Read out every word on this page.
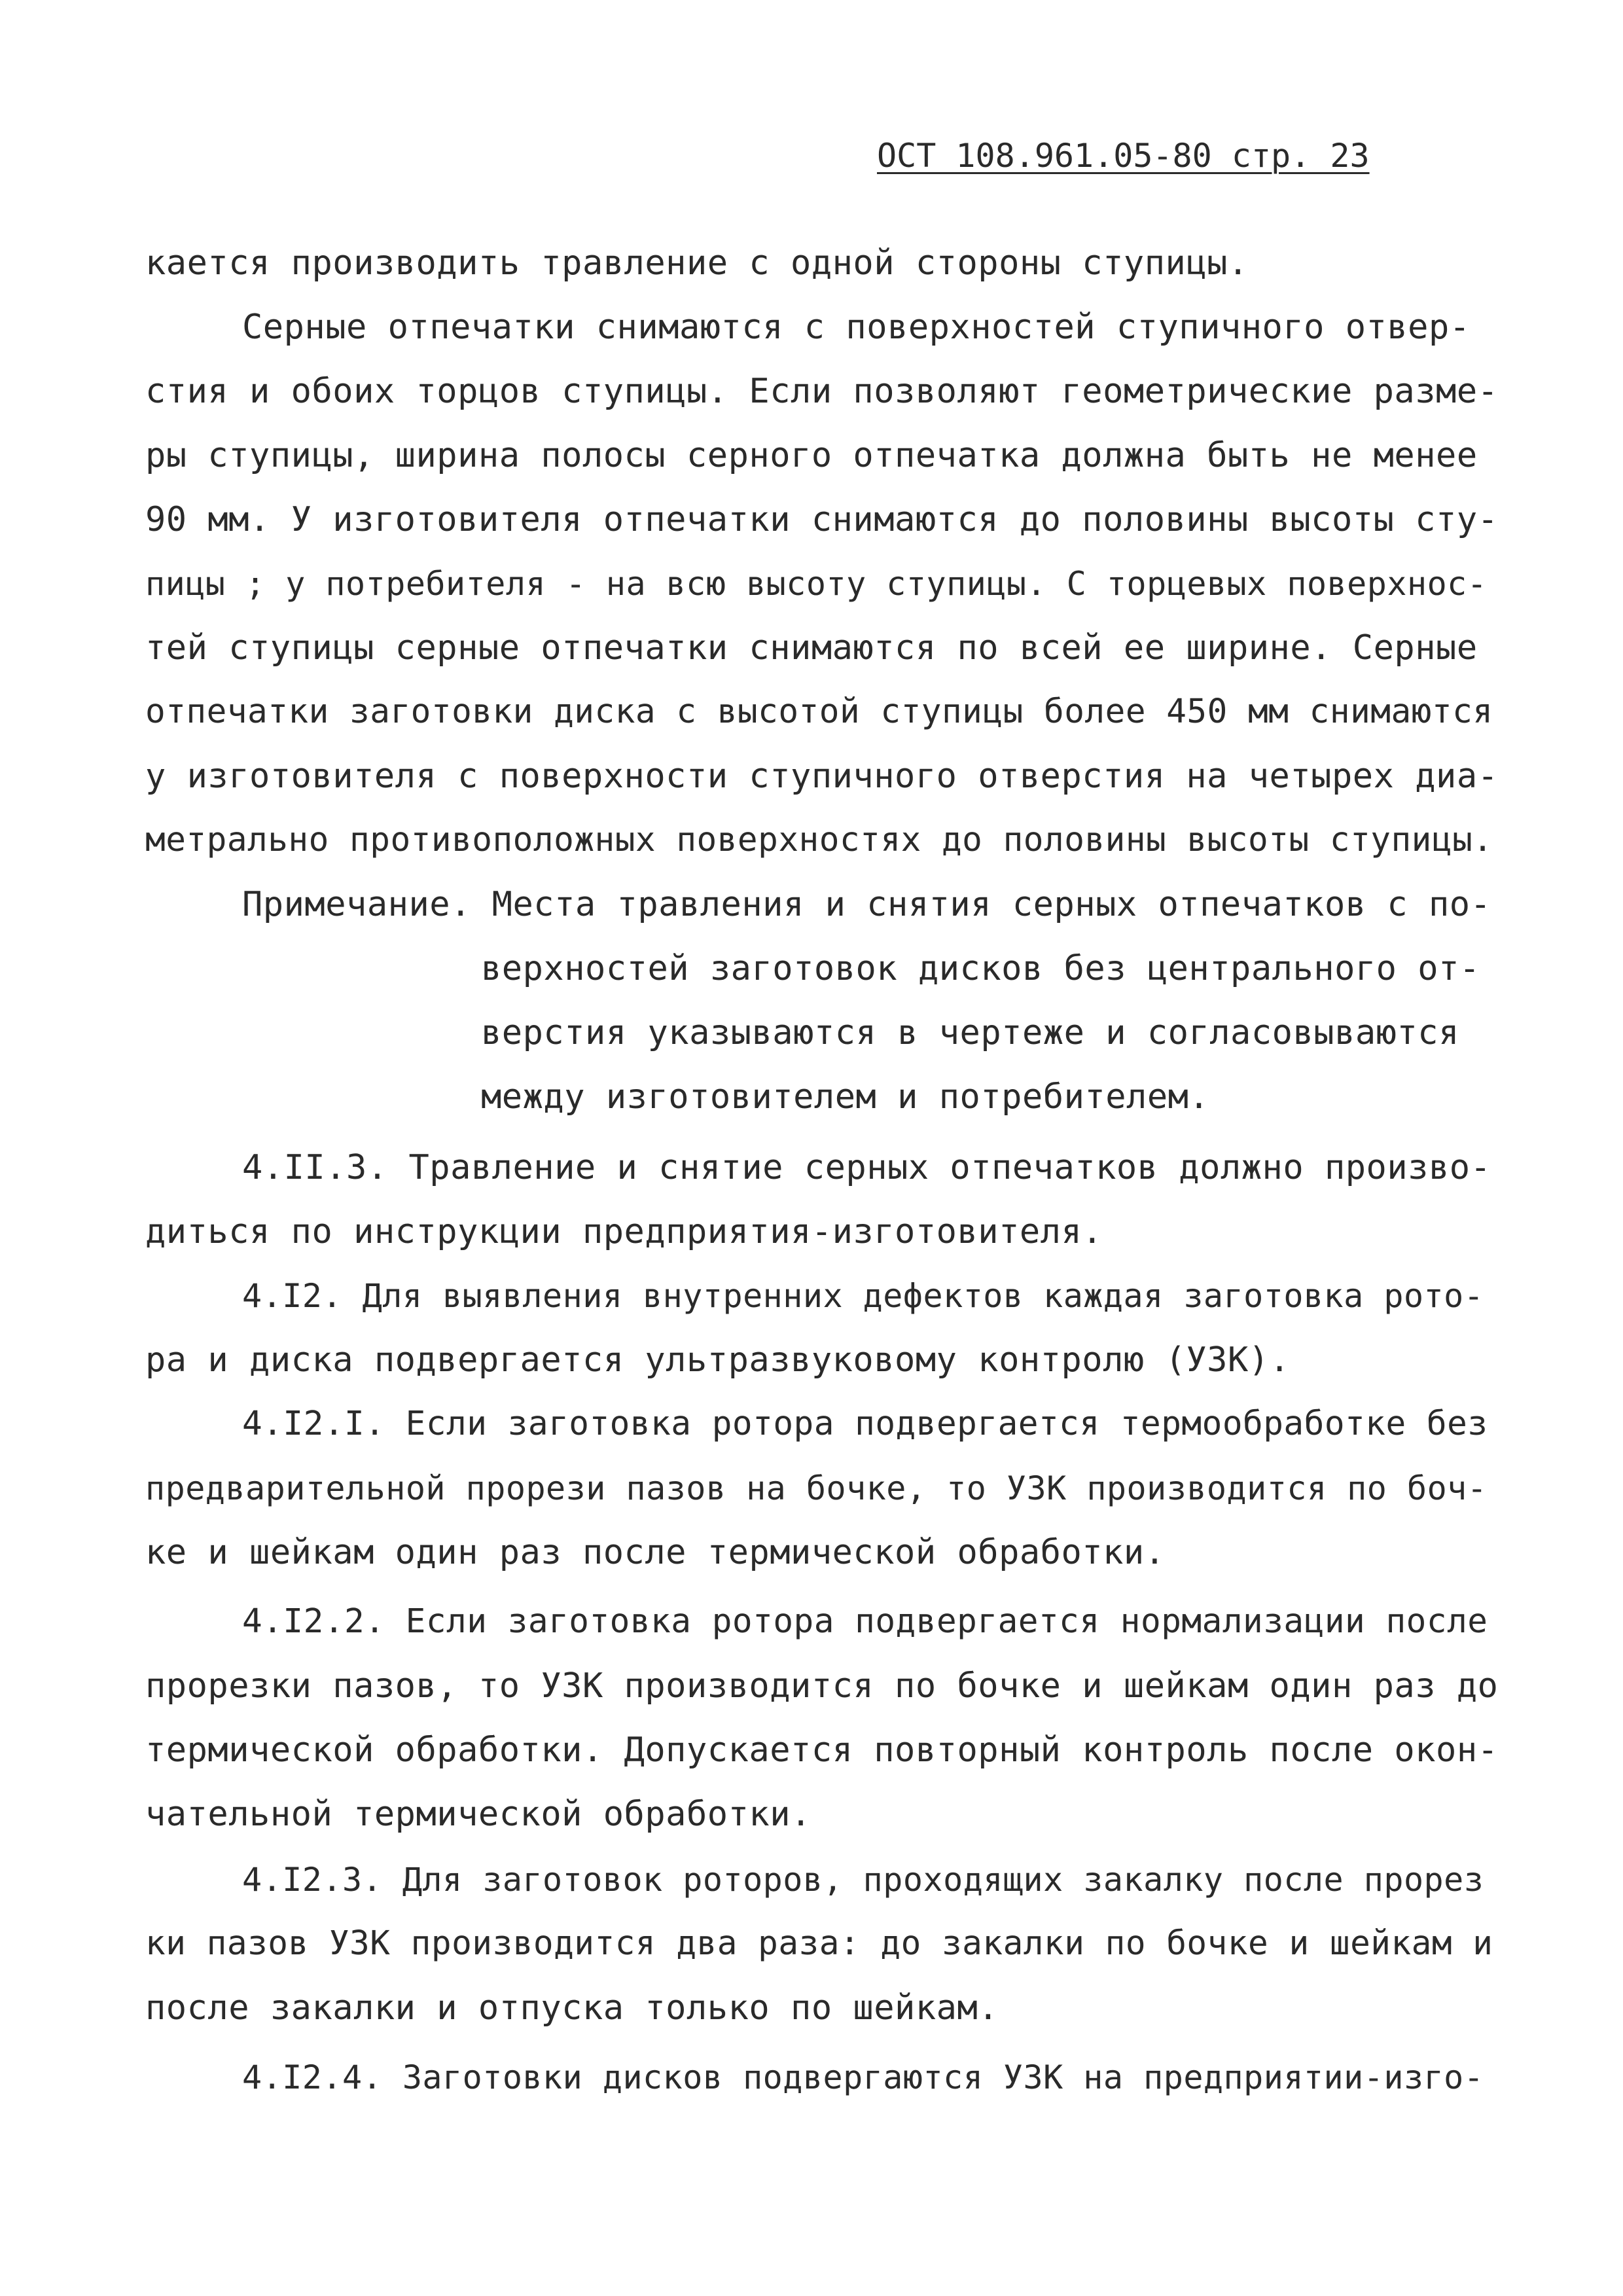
ОСТ 108.961.05-80 стр. 23
кается производить травление с одной стороны ступицы.
Серные отпечатки снимаются с поверхностей ступичного отвер-
стия и обоих торцов ступицы. Если позволяют геометрические разме-
ры ступицы, ширина полосы серного отпечатка должна быть не менее
90 мм. У изготовителя отпечатки снимаются до половины высоты сту-
пицы ; у потребителя - на всю высоту ступицы. С торцевых поверхнос-
тей ступицы серные отпечатки снимаются по всей ее ширине. Серные
отпечатки заготовки диска с высотой ступицы более 450 мм снимаются
у изготовителя с поверхности ступичного отверстия на четырех диа-
метрально противоположных поверхностях до половины высоты ступицы.
Примечание. Места травления и снятия серных отпечатков с по-
верхностей заготовок дисков без центрального от-
верстия указываются в чертеже и согласовываются
между изготовителем и потребителем.
4.II.3. Травление и снятие серных отпечатков должно произво-
диться по инструкции предприятия-изготовителя.
4.I2. Для выявления внутренних дефектов каждая заготовка рото-
ра и диска подвергается ультразвуковому контролю (УЗК).
4.I2.I. Если заготовка ротора подвергается термообработке без
предварительной прорези пазов на бочке, то УЗК производится по боч-
ке и шейкам один раз после термической обработки.
4.I2.2. Если заготовка ротора подвергается нормализации после
прорезки пазов, то УЗК производится по бочке и шейкам один раз до
термической обработки. Допускается повторный контроль после окон-
чательной термической обработки.
4.I2.3. Для заготовок роторов, проходящих закалку после прорез
ки пазов УЗК производится два раза: до закалки по бочке и шейкам и
после закалки и отпуска только по шейкам.
4.I2.4. Заготовки дисков подвергаются УЗК на предприятии-изго-
